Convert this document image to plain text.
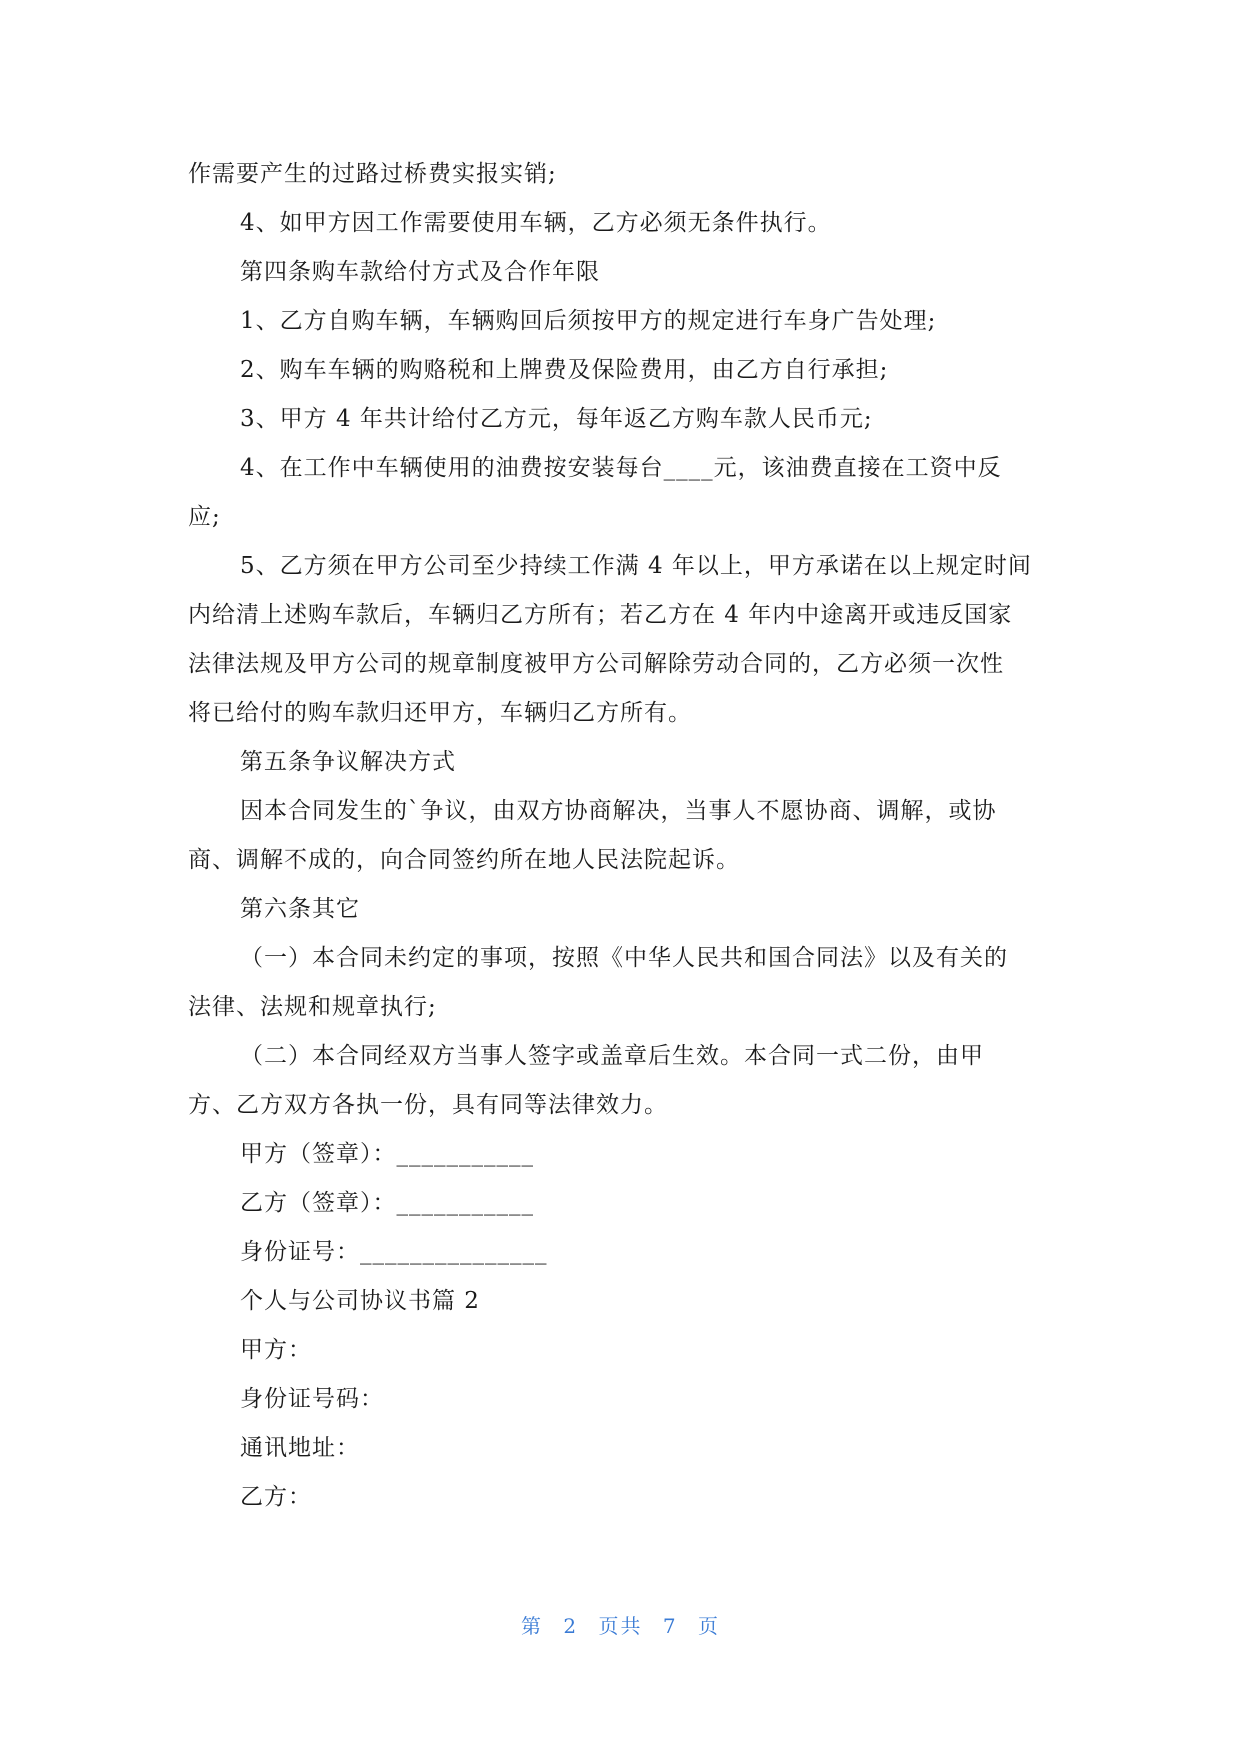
作需要产生的过路过桥费实报实销;
4、如甲方因工作需要使用车辆，乙方必须无条件执行。
第四条购车款给付方式及合作年限
1、乙方自购车辆，车辆购回后须按甲方的规定进行车身广告处理;
2、购车车辆的购赂税和上牌费及保险费用，由乙方自行承担;
3、甲方 4 年共计给付乙方元，每年返乙方购车款人民币元;
4、在工作中车辆使用的油费按安装每台____元，该油费直接在工资中反
应;
5、乙方须在甲方公司至少持续工作满 4 年以上，甲方承诺在以上规定时间
内给清上述购车款后，车辆归乙方所有；若乙方在 4 年内中途离开或违反国家
法律法规及甲方公司的规章制度被甲方公司解除劳动合同的，乙方必须一次性
将已给付的购车款归还甲方，车辆归乙方所有。
第五条争议解决方式
因本合同发生的`争议，由双方协商解决，当事人不愿协商、调解，或协
商、调解不成的，向合同签约所在地人民法院起诉。
第六条其它
（一）本合同未约定的事项，按照《中华人民共和国合同法》以及有关的
法律、法规和规章执行;
（二）本合同经双方当事人签字或盖章后生效。本合同一式二份，由甲
方、乙方双方各执一份，具有同等法律效力。
甲方（签章）：___________
乙方（签章）：___________
身份证号：_______________
个人与公司协议书篇 2
甲方：
身份证号码：
通讯地址：
乙方：
第 2 页共 7 页
